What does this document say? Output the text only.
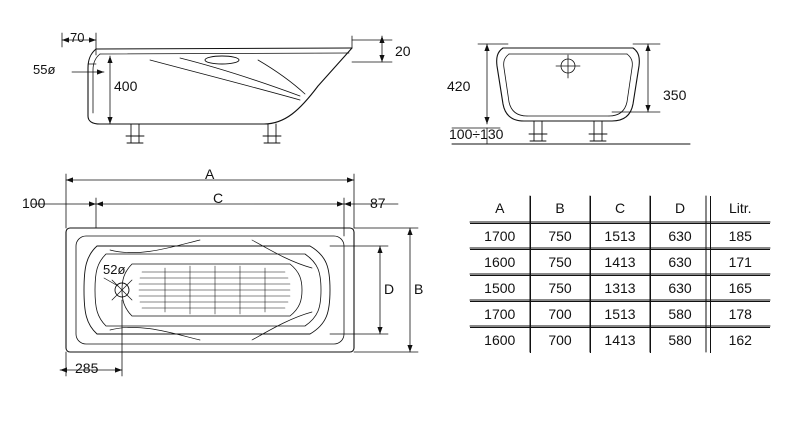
70
55ø
400
20
420
350
100÷130
A
C
B
D
100	87
52ø
285
A	B	C	D	Litr.
1700	750	1513	630	185
1600	750	1413	630	171
1500	750	1313	630	165
1700	700	1513	580	178
1600	700	1413	580	162
